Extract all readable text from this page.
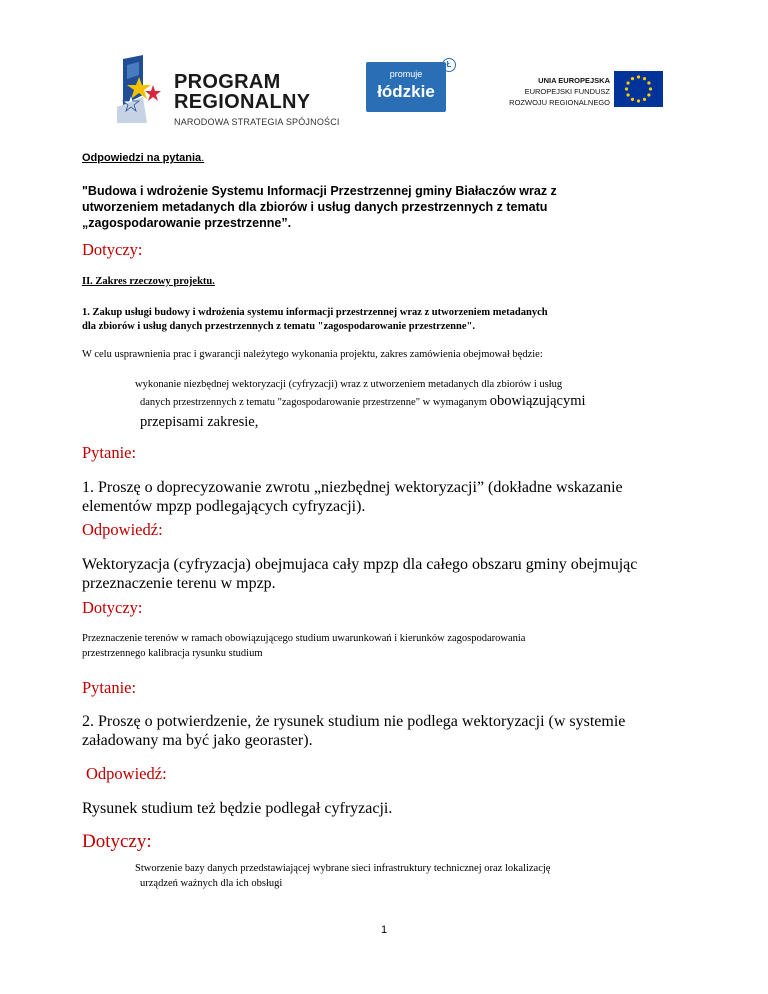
PROGRAM
REGIONALNY
NARODOWA STRATEGIA SPÓJNOŚCI
promuje
łódzkie
Ł
UNIA EUROPEJSKA
EUROPEJSKI FUNDUSZ
ROZWOJU REGIONALNEGO
Odpowiedzi na pytania.
"Budowa i wdrożenie Systemu Informacji Przestrzennej gminy Białaczów wraz z
utworzeniem metadanych dla zbiorów i usług danych przestrzennych z tematu
„zagospodarowanie przestrzenne”.
Dotyczy:
II. Zakres rzeczowy projektu.
1. Zakup usługi budowy i wdrożenia systemu informacji przestrzennej wraz z utworzeniem metadanych
dla zbiorów i usług danych przestrzennych z tematu "zagospodarowanie przestrzenne".
W celu usprawnienia prac i gwarancji należytego wykonania projektu, zakres zamówienia obejmował będzie:
wykonanie niezbędnej wektoryzacji (cyfryzacji) wraz z utworzeniem metadanych dla zbiorów i usług
danych przestrzennych z tematu "zagospodarowanie przestrzenne" w wymaganym obowiązującymi
przepisami zakresie,
Pytanie:
1. Proszę o doprecyzowanie zwrotu „niezbędnej wektoryzacji” (dokładne wskazanie
elementów mpzp podlegających cyfryzacji).
Odpowiedź:
Wektoryzacja (cyfryzacja) obejmujaca cały mpzp dla całego obszaru gminy obejmując
przeznaczenie terenu w mpzp.
Dotyczy:
Przeznaczenie terenów w ramach obowiązującego studium uwarunkowań i kierunków zagospodarowania
przestrzennego kalibracja rysunku studium
Pytanie:
2. Proszę o potwierdzenie, że rysunek studium nie podlega wektoryzacji (w systemie
załadowany ma być jako georaster).
Odpowiedź:
Rysunek studium też będzie podlegał cyfryzacji.
Dotyczy:
Stworzenie bazy danych przedstawiającej wybrane sieci infrastruktury technicznej oraz lokalizację
urządzeń ważnych dla ich obsługi
1
